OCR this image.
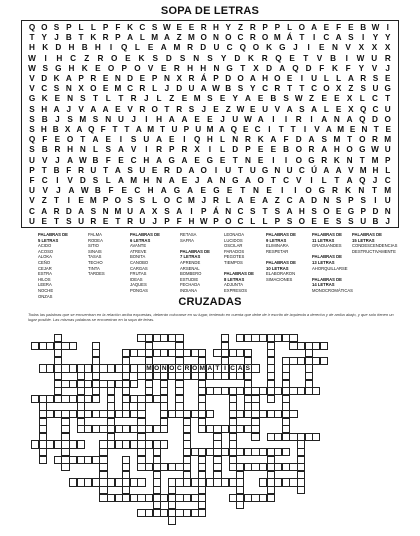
SOPA DE LETRAS
Q O S P L L P F K C S W E E R H Y Z R P P L O A E F E B W I
T Y J B T K R P A L M A Z M O N O C R O M Á T	I C A S	I	Y Y
H K D H B H	I	Q L E A M R D U C Q O K G J	I	E N V X X X
W	I	H C	Z	R O E K S D S N S	Y D K R Q E	T	V B	I	W U R
W S G H K E O P O V E R H H N G T X D A Q D F K F Y V J
V D K A P R E N D E P N X R Á P D O A H O E	I U L L A R S E
V C S N X O E M C R L J D U A W B S Y C R T T C O X Z S U G
G K E N S T L T R J L Z E M S E Y A E B S W Z E E X L C T
S H A J V A A E V R O T R S J E Z W E U V A S A L E X Q C U
S B J S M S N U J	I	H A A E E J U W A	I	I	R	I	A N A Q D O
S H B X A Q F T T A M T U P U M A Q E C I	T T	I V A M E N T E
Q F E O T A E	I	S U A E	I	Q H L N R K A F D A S M T O R M
S B R H N L S A V	I	R P R X	I	L D P E E B O R A H O G W U
U V J A W B F E C H A G A E G E T N E	I	I	O G R K N T M P
P T B F R U T A S U E R D A O I U T U G N U C Ú A A V M H L
F C	I	V D S L A M H N A E J A N G A O T C V	I	L T A Q J C
U V J A W B F E C H A G A E G E T N E	I	I	O G R K N T M
V Z T	I	E M P O S S L O C M J R L A E A Z C A D N S P S	I U
C A R D A S N M U A X S A I	P Á N C S T S A H S O E G P D N
U E T S U R E T R U J P F H W P O C L L P S O E E S S U B J
PALABRAS DE
5 LETRAS
ACIDO
ACOSO
ALOKA
CEÑO
CEJAR
ESTRA
HILOS
LEERA
NOCHE
ONZAS
PALMA
RODEA
SITIO
SINAIS
TASAS
TECHO
TINTA
TARDES
PALABRAS DE
6 LETRAS
AVANTE
ATREVE
BONITA
CANOBO
CARGAS
FRUTAS
IDEAS
JAQUES
PONGAS
RETASA
SAFRA

PALABRAS DE
7 LETRAS
APRENDE
ARSENAL
BOMBERO
ESTUDIE
FECHADA
INDIANA
LEONADA
LUCIDOS
OSCILAR
PARADOS
PEGOTES
TIEMPOS

PALABRAS DE
8 LETRAS
ADJUNTA
EXPRESOS
PALABRAS DE
9 LETRAS
ELIMINARA
RESPETAR

PALABRAS DE
10 LETRAS
ELABORARON
SIMACIONES
PALABRAS DE
11 LETRAS
GRADUANDES

PALABRAS DE
13 LETRAS
AHORQUILLARSE

PALABRAS DE
14 LETRAS
MONOCROMÁTICAS
PALABRAS DE
15 LETRAS
CONDESCENDENCIAS
DESTRUCTIVAMENTE
CRUZADAS
Todas las palabras que se encuentran en la relación arriba expuestas, deberán colocarse en su lugar, teniendo en cuenta que debe de ir escrito de izquierda a derecha y de arriba abajo, y que solo tienen un lugar posible. Las mismas palabras se encuentran en la sopa de letras.
M O N O C R O M A T I C A S
